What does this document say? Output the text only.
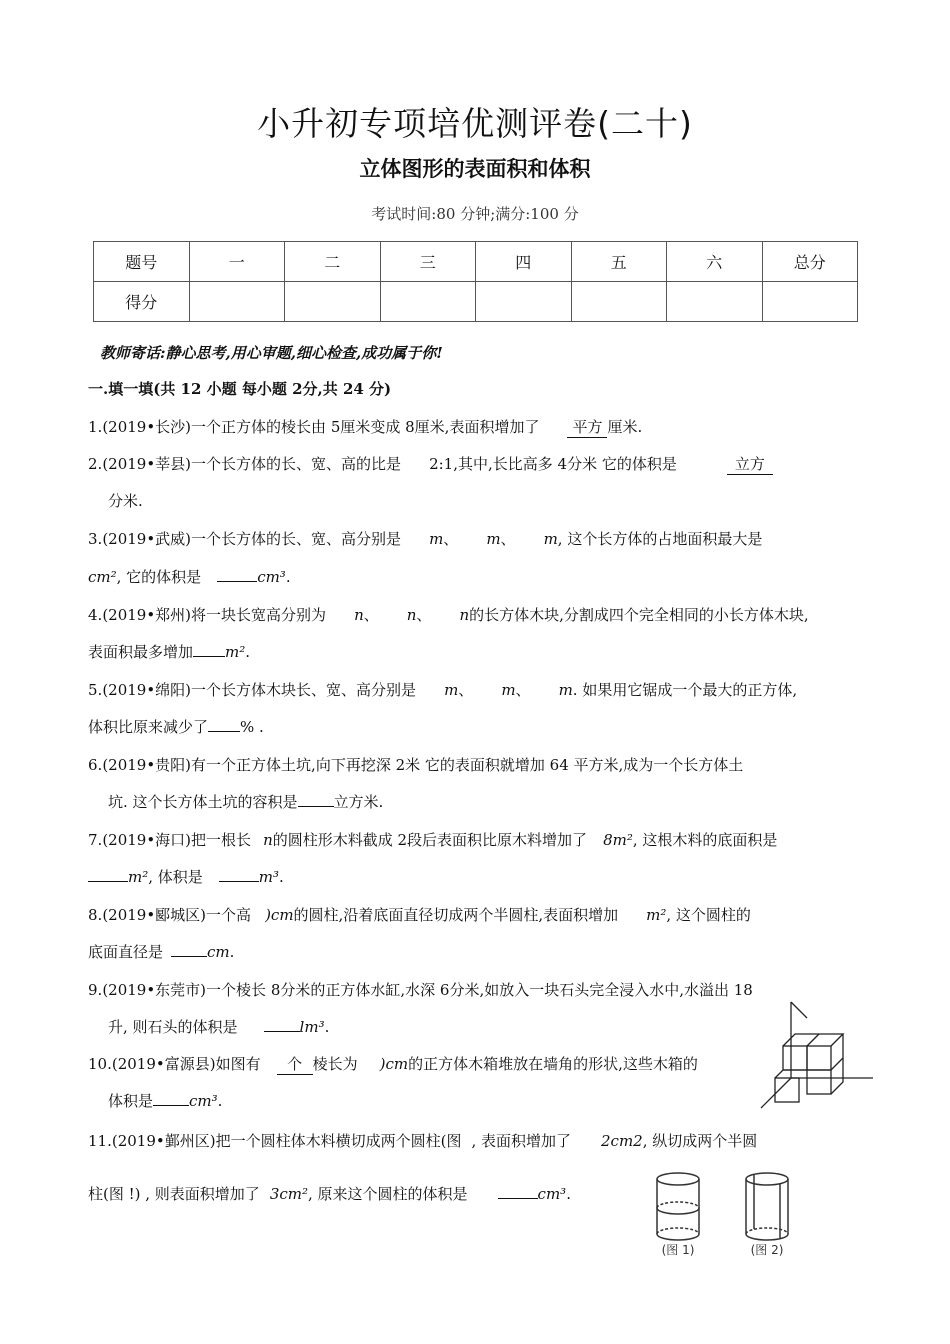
小升初专项培优测评卷(二十)
立体图形的表面积和体积
考试时间:80 分钟;满分:100 分
题号	一	二	三	四	五	六	总分
得分							
教师寄话:静心思考,用心审题,细心检查,成功属于你!
一.填一填(共 12 小题 每小题 2分,共 24 分)
1.(2019•长沙)一个正方体的棱长由 5厘米变成 8厘米,表面积增加了 平方 厘米.
2.(2019•莘县)一个长方体的长、宽、高的比是 2:1,其中,长比高多 4分米 它的体积是	立方
分米.
3.(2019•武威)一个长方体的长、宽、高分别是 m、 m、 m, 这个长方体的占地面积最大是
cm², 它的体积是	cm³.
4.(2019•郑州)将一块长宽高分别为 n、 n、 n的长方体木块,分割成四个完全相同的小长方体木块,
表面积最多增加 m².
5.(2019•绵阳)一个长方体木块长、宽、高分别是 m、 m、 m. 如果用它锯成一个最大的正方体,
体积比原来减少了 % .
6.(2019•贵阳)有一个正方体土坑,向下再挖深 2米 它的表面积就增加 64 平方米,成为一个长方体土
坑. 这个长方体土坑的容积是 立方米.
7.(2019•海口)把一根长 n的圆柱形木料截成 2段后表面积比原木料增加了 8m², 这根木料的底面积是
m², 体积是	m³.
8.(2019•郾城区)一个高 )cm的圆柱,沿着底面直径切成两个半圆柱,表面积增加 m², 这个圆柱的
底面直径是	cm.
9.(2019•东莞市)一个棱长 8分米的正方体水缸,水深 6分米,如放入一块石头完全浸入水中,水溢出 18
升, 则石头的体积是	lm³.
10.(2019•富源县)如图有 个 棱长为 )cm的正方体木箱堆放在墙角的形状,这些木箱的
体积是 cm³.
11.(2019•鄞州区)把一个圆柱体木料横切成两个圆柱(图 , 表面积增加了 2cm2, 纵切成两个半圆
柱(图 !) , 则表面积增加了 3cm², 原来这个圆柱的体积是	cm³.
(图 1)	(图 2)
